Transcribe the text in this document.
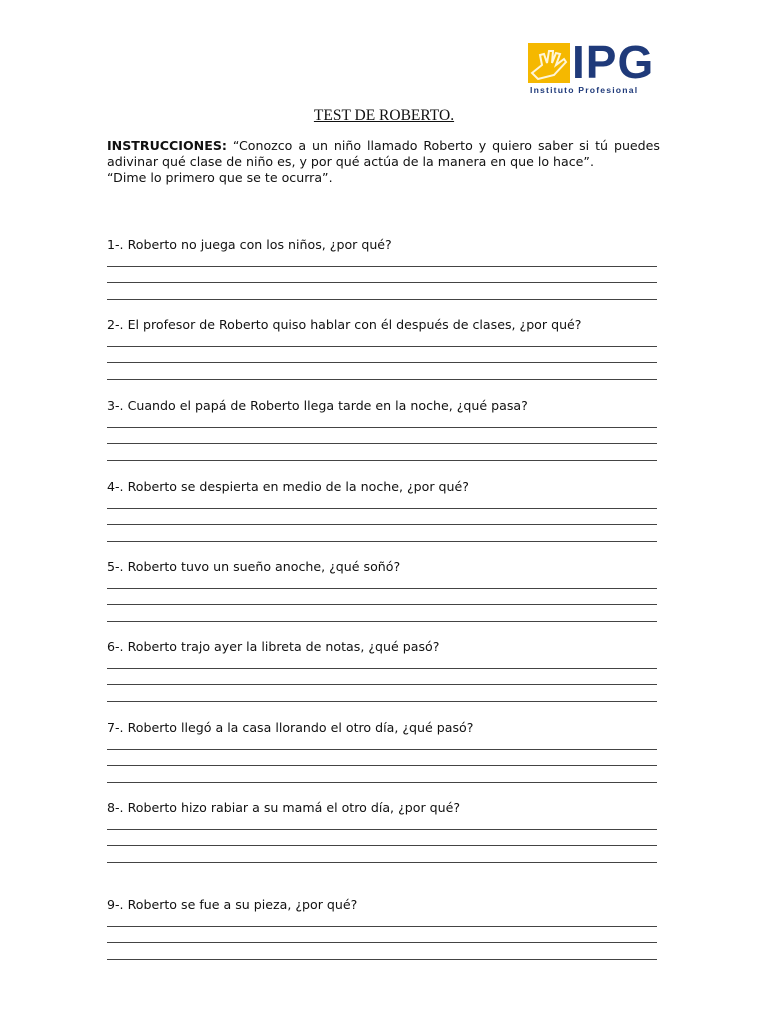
IPG
Instituto Profesional
TEST DE ROBERTO.

INSTRUCCIONES: “Conozco a un niño llamado Roberto y quiero saber si tú puedes adivinar qué clase de niño es, y por qué actúa de la manera en que lo hace”.

“Dime lo primero que se te ocurra”.

1-. Roberto no juega con los niños, ¿por qué?
2-. El profesor de Roberto quiso hablar con él después de clases, ¿por qué?
3-. Cuando el papá de Roberto llega tarde en la noche, ¿qué pasa?
4-. Roberto se despierta en medio de la noche, ¿por qué?
5-. Roberto tuvo un sueño anoche, ¿qué soñó?
6-. Roberto trajo ayer la libreta de notas, ¿qué pasó?
7-. Roberto llegó a la casa llorando el otro día, ¿qué pasó?
8-. Roberto hizo rabiar a su mamá el otro día, ¿por qué?
9-. Roberto se fue a su pieza, ¿por qué?
